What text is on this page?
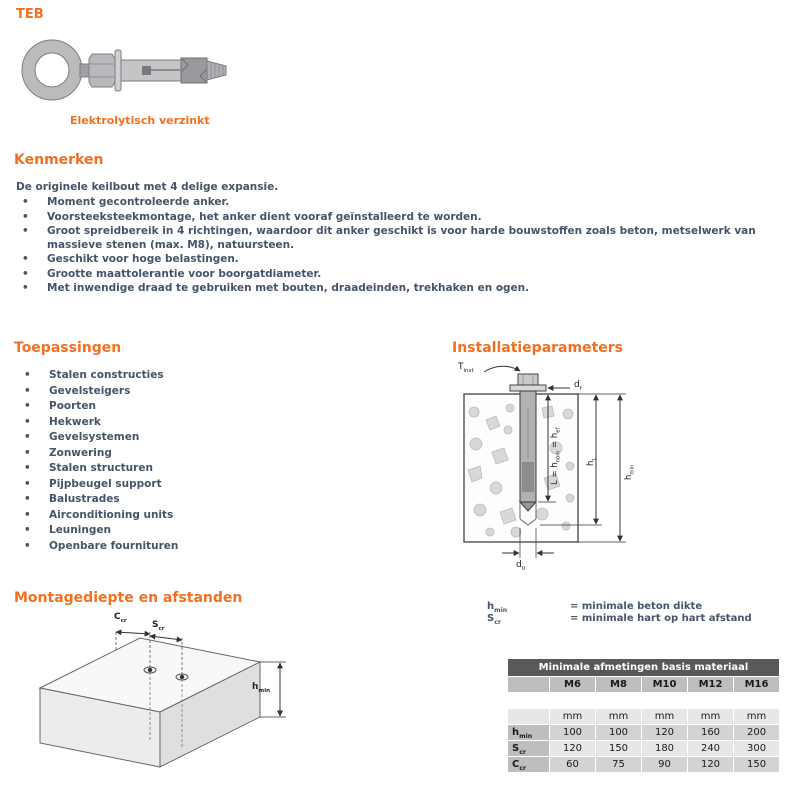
TEB
Elektrolytisch verzinkt
Kenmerken
De originele keilbout met 4 delige expansie.
• Moment gecontroleerde anker.
• Voorsteeksteekmontage, het anker dient vooraf geïnstalleerd te worden.
• Groot spreidbereik in 4 richtingen, waardoor dit anker geschikt is voor harde bouwstoffen zoals beton, metselwerk van massieve stenen (max. M8), natuursteen.
• Geschikt voor hoge belastingen.
• Grootte maattolerantie voor boorgatdiameter.
• Met inwendige draad te gebruiken met bouten, draadeinden, trekhaken en ogen.
Toepassingen
• Stalen constructies
• Gevelsteigers
• Poorten
• Hekwerk
• Gevelsystemen
• Zonwering
• Stalen structuren
• Pijpbeugel support
• Balustrades
• Airconditioning units
• Leuningen
• Openbare fournituren
Installatieparameters
$T_{inst}$
$d_f$
$L = h_{nom} = h_{ef}$
$h_t$
$h_{min}$
$d_0$
Montagediepte en afstanden
$C_{cr}$	$S_{cr}$
$h_{min}$
$h_{min}$	= minimale beton dikte
$S_{cr}$	= minimale hart op hart afstand
Minimale afmetingen basis materiaal					
	M6	M8	M10	M12	M16

	mm	mm	mm	mm	mm
$h_{min}$	100	100	120	160	200
$S_{cr}$	120	150	180	240	300
$C_{cr}$	60	75	90	120	150
